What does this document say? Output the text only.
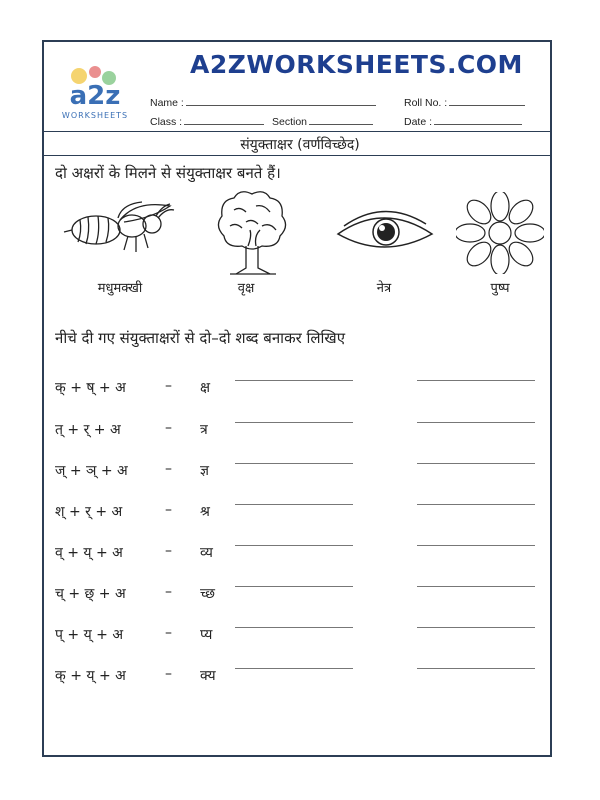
a2z
WORKSHEETS
A2ZWORKSHEETS.COM
Name :	Roll No. :
Class :	Section	Date :
संयुक्ताक्षर (वर्णविच्छेद)
दो अक्षरों के मिलने से संयुक्ताक्षर बनते हैं।
मधुमक्खी	वृक्ष	नेत्र	पुष्प
नीचे दी गए संयुक्ताक्षरों से दो–दो शब्द बनाकर लिखिए
क् + ष् + अ	– क्ष
त् + र् + अ	– त्र
ज् + ञ् + अ	– ज्ञ
श् + र् + अ	– श्र
व् + य् + अ	– व्य
च् + छ् + अ	– च्छ
प् + य् + अ	– प्य
क् + य् + अ	– क्य
